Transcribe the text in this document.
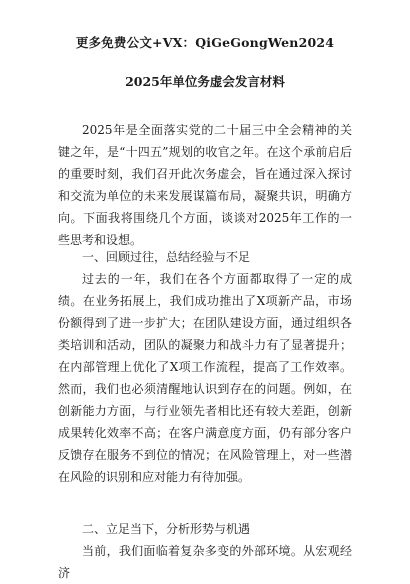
更多免费公文+VX：QiGeGongWen2024
2025年单位务虚会发言材料

2025年是全面落实党的二十届三中全会精神的关键之年，是“十四五”规划的收官之年。在这个承前启后的重要时刻，我们召开此次务虚会，旨在通过深入探讨和交流为单位的未来发展谋篇布局，凝聚共识，明确方向。下面我将围绕几个方面，谈谈对2025年工作的一些思考和设想。

一、回顾过往，总结经验与不足

过去的一年，我们在各个方面都取得了一定的成绩。在业务拓展上，我们成功推出了X项新产品，市场份额得到了进一步扩大；在团队建设方面，通过组织各类培训和活动，团队的凝聚力和战斗力有了显著提升；在内部管理上优化了X项工作流程，提高了工作效率。然而，我们也必须清醒地认识到存在的问题。例如，在创新能力方面，与行业领先者相比还有较大差距，创新成果转化效率不高；在客户满意度方面，仍有部分客户反馈存在服务不到位的情况；在风险管理上，对一些潜在风险的识别和应对能力有待加强。

二、立足当下，分析形势与机遇

当前，我们面临着复杂多变的外部环境。从宏观经济
